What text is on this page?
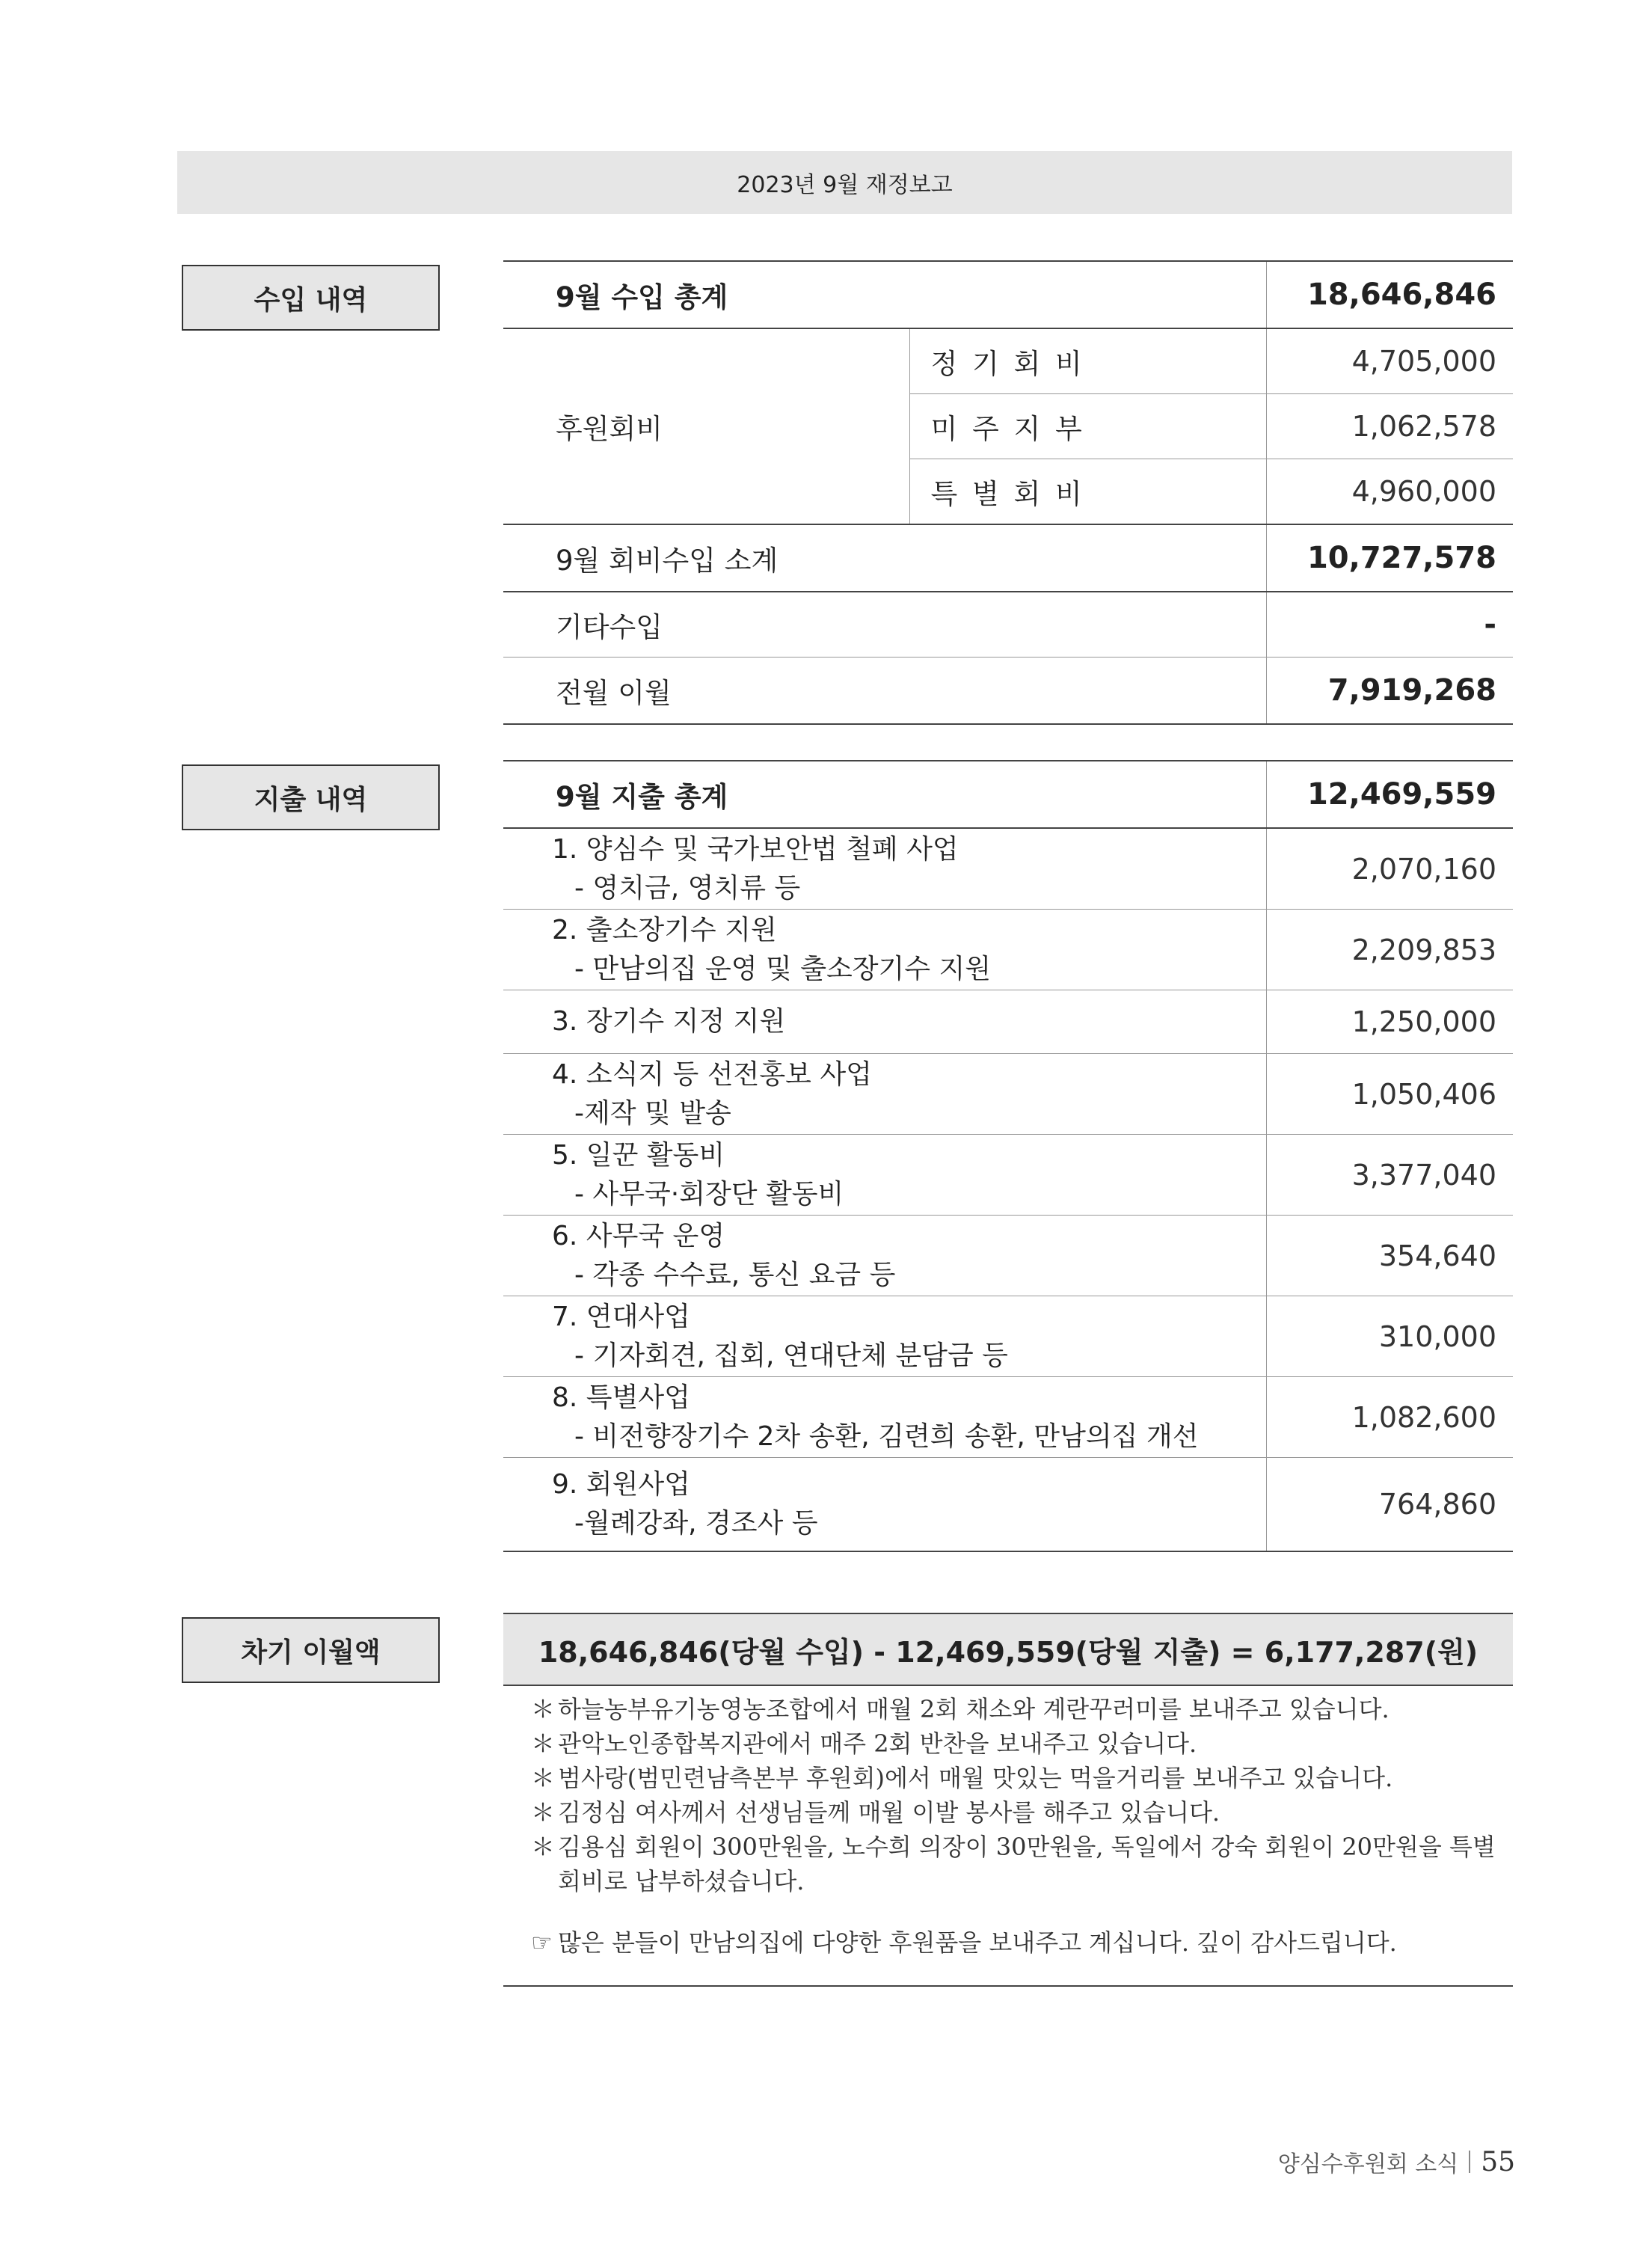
2023년 9월 재정보고
수입 내역	9월 수입 총계		18,646,846
후원회비	정 기 회 비	4,705,000
	미 주 지 부	1,062,578
	특 별 회 비	4,960,000
9월 회비수입 소계		10,727,578
기타수입		-
전월 이월		7,919,268
지출 내역	9월 지출 총계	12,469,559

1. 양심수 및 국가보안법 철폐 사업
- 영치금, 영치류 등	2,070,160

2. 출소장기수 지원
- 만남의집 운영 및 출소장기수 지원	2,209,853

3. 장기수 지정 지원	1,250,000

4. 소식지 등 선전홍보 사업
-제작 및 발송	1,050,406

5. 일꾼 활동비
- 사무국·회장단 활동비	3,377,040

6. 사무국 운영
- 각종 수수료, 통신 요금 등	354,640

7. 연대사업
- 기자회견, 집회, 연대단체 분담금 등	310,000

8. 특별사업
- 비전향장기수 2차 송환, 김련희 송환, 만남의집 개선	1,082,600

9. 회원사업
-월례강좌, 경조사 등	764,860
차기 이월액	18,646,846(당월 수입) - 12,469,559(당월 지출) = 6,177,287(원)
＊ 하늘농부유기농영농조합에서 매월 2회 채소와 계란꾸러미를 보내주고 있습니다.
＊ 관악노인종합복지관에서 매주 2회 반찬을 보내주고 있습니다.
＊ 범사랑(범민련남측본부 후원회)에서 매월 맛있는 먹을거리를 보내주고 있습니다.
＊ 김정심 여사께서 선생님들께 매월 이발 봉사를 해주고 있습니다.
＊ 김용심 회원이 300만원을, 노수희 의장이 30만원을, 독일에서 강숙 회원이 20만원을 특별회비로 납부하셨습니다.
☞ 많은 분들이 만남의집에 다양한 후원품을 보내주고 계십니다. 깊이 감사드립니다.
양심수후원회 소식 55
